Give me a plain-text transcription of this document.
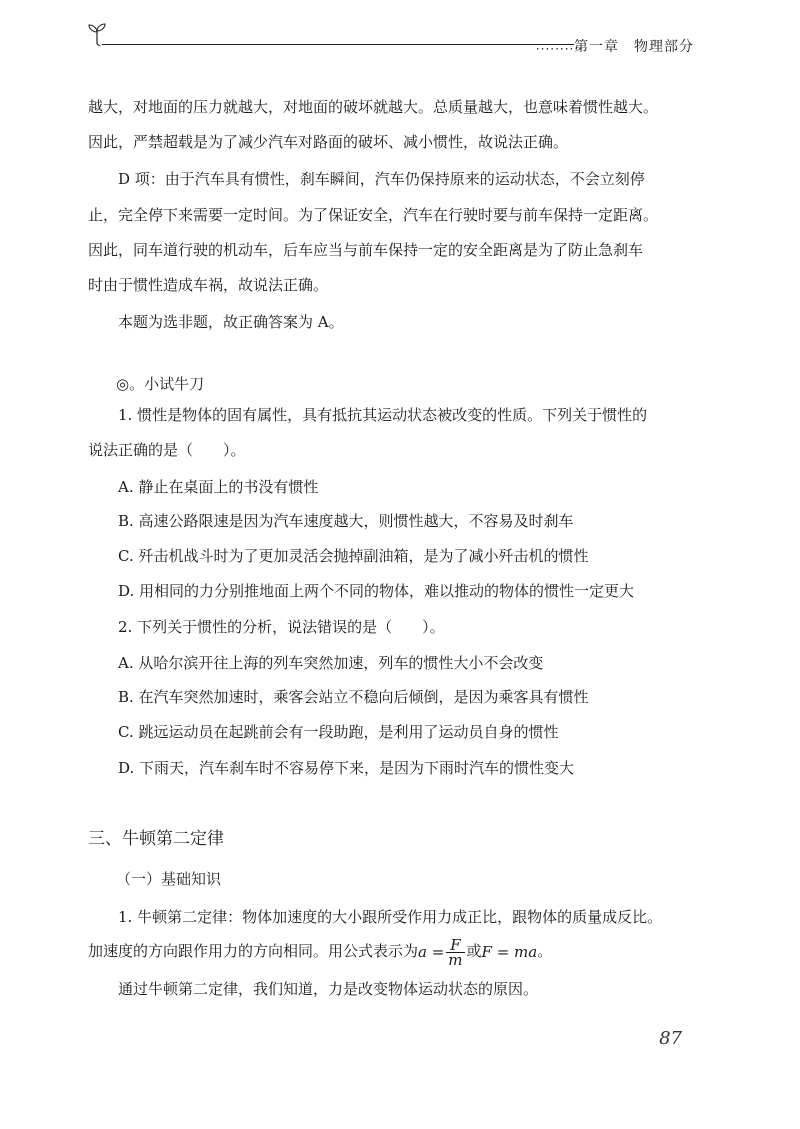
··········
第一章　物理部分
越大，对地面的压力就越大，对地面的破坏就越大。总质量越大，也意味着惯性越大。
因此，严禁超载是为了减少汽车对路面的破坏、减小惯性，故说法正确。
D 项：由于汽车具有惯性，刹车瞬间，汽车仍保持原来的运动状态，不会立刻停
止，完全停下来需要一定时间。为了保证安全，汽车在行驶时要与前车保持一定距离。
因此，同车道行驶的机动车，后车应当与前车保持一定的安全距离是为了防止急刹车
时由于惯性造成车祸，故说法正确。
本题为选非题，故正确答案为 A。
◎。小试牛刀
1. 惯性是物体的固有属性，具有抵抗其运动状态被改变的性质。下列关于惯性的
说法正确的是（　　）。
A. 静止在桌面上的书没有惯性
B. 高速公路限速是因为汽车速度越大，则惯性越大，不容易及时刹车
C. 歼击机战斗时为了更加灵活会抛掉副油箱，是为了减小歼击机的惯性
D. 用相同的力分别推地面上两个不同的物体，难以推动的物体的惯性一定更大
2. 下列关于惯性的分析，说法错误的是（　　）。
A. 从哈尔滨开往上海的列车突然加速，列车的惯性大小不会改变
B. 在汽车突然加速时，乘客会站立不稳向后倾倒，是因为乘客具有惯性
C. 跳远运动员在起跳前会有一段助跑，是利用了运动员自身的惯性
D. 下雨天，汽车刹车时不容易停下来，是因为下雨时汽车的惯性变大
三、牛顿第二定律
（一）基础知识
1. 牛顿第二定律：物体加速度的大小跟所受作用力成正比，跟物体的质量成反比。
加速度的方向跟作用力的方向相同。用公式表示为$a = \frac{F}{m}$ 或F = ma。
通过牛顿第二定律，我们知道，力是改变物体运动状态的原因。
87
